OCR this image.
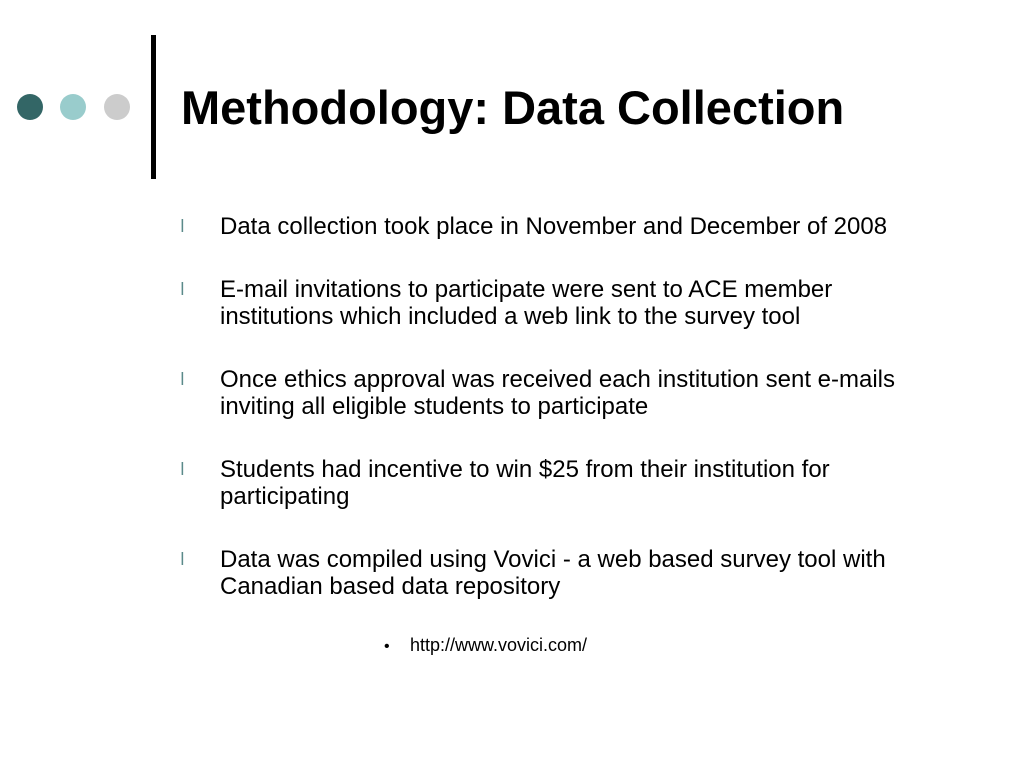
Methodology: Data Collection
l Data collection took place in November and December of 2008
l E-mail invitations to participate were sent to ACE member institutions which included a web link to the survey tool
l Once ethics approval was received each institution sent e-mails inviting all eligible students to participate
l Students had incentive to win $25 from their institution for participating
l Data was compiled using Vovici - a web based survey tool with Canadian based data repository
• http://www.vovici.com/
